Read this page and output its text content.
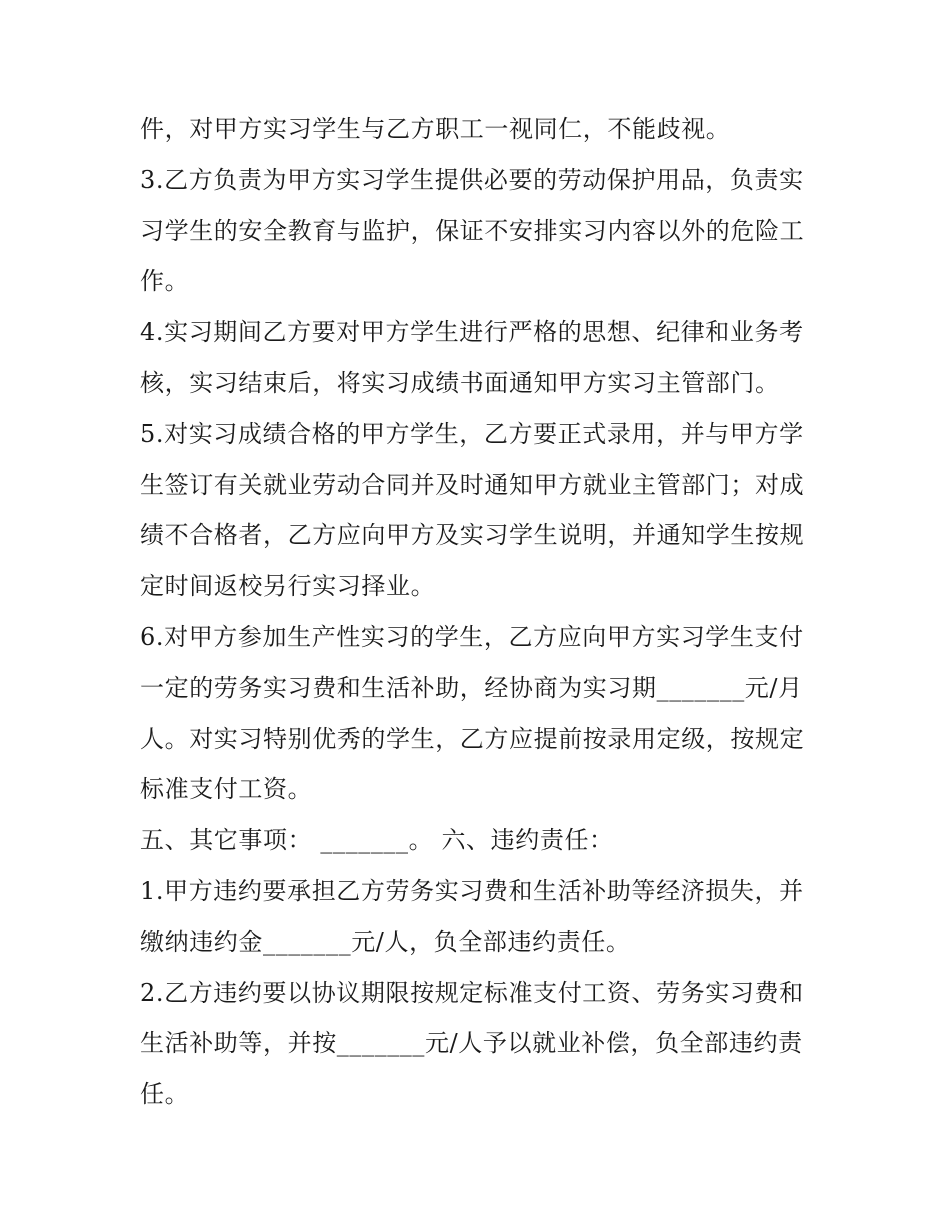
件，对甲方实习学生与乙方职工一视同仁，不能歧视。

3.乙方负责为甲方实习学生提供必要的劳动保护用品，负责实
习学生的安全教育与监护，保证不安排实习内容以外的危险工
作。

4.实习期间乙方要对甲方学生进行严格的思想、纪律和业务考
核，实习结束后，将实习成绩书面通知甲方实习主管部门。

5.对实习成绩合格的甲方学生，乙方要正式录用，并与甲方学
生签订有关就业劳动合同并及时通知甲方就业主管部门；对成
绩不合格者，乙方应向甲方及实习学生说明，并通知学生按规
定时间返校另行实习择业。

6.对甲方参加生产性实习的学生，乙方应向甲方实习学生支付
一定的劳务实习费和生活补助，经协商为实习期_______元/月
人。对实习特别优秀的学生，乙方应提前按录用定级，按规定
标准支付工资。

五、其它事项： _______。 六、违约责任：

1.甲方违约要承担乙方劳务实习费和生活补助等经济损失，并
缴纳违约金_______元/人，负全部违约责任。

2.乙方违约要以协议期限按规定标准支付工资、劳务实习费和
生活补助等，并按_______元/人予以就业补偿，负全部违约责
任。
